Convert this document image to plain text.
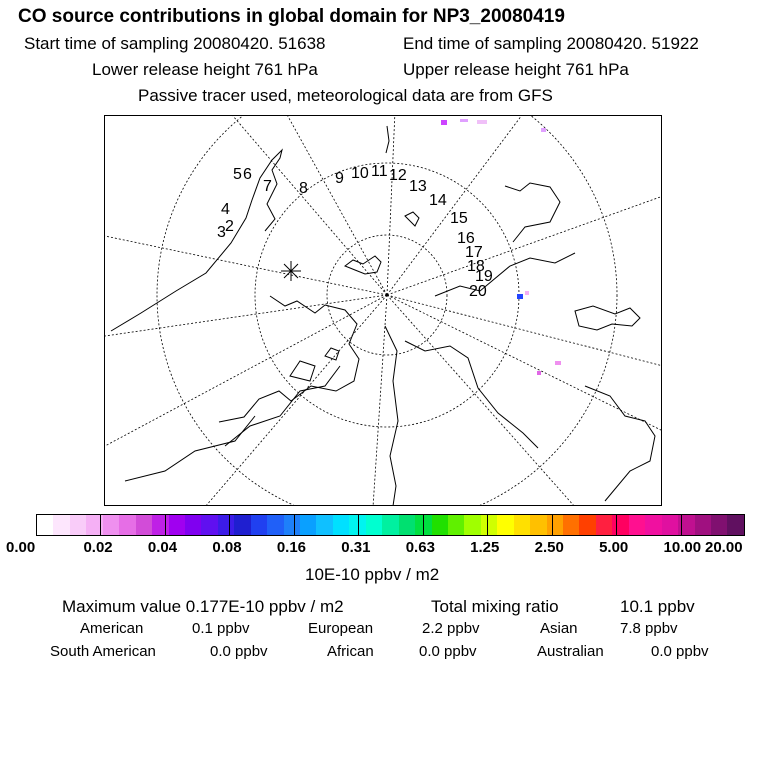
CO source contributions in global domain for NP3_20080419
Start time of sampling 20080420. 51638	End time of sampling 20080420. 51922
Lower release height 761 hPa	Upper release height 761 hPa
Passive tracer used, meteorological data are from GFS
5 6
7 8
9 10 11 12
13
14
15
16
17
18
19
20
4
2
3
0.00	0.02 0.04 0.08 0.16 0.31 0.63 1.25 2.50 5.00 10.00 20.00
10E-10 ppbv / m2
Maximum value 0.177E-10 ppbv / m2	Total mixing ratio	10.1 ppbv
American	0.1 ppbv	European	2.2 ppbv	Asian	7.8 ppbv
South American	0.0 ppbv	African	0.0 ppbv	Australian	0.0 ppbv
